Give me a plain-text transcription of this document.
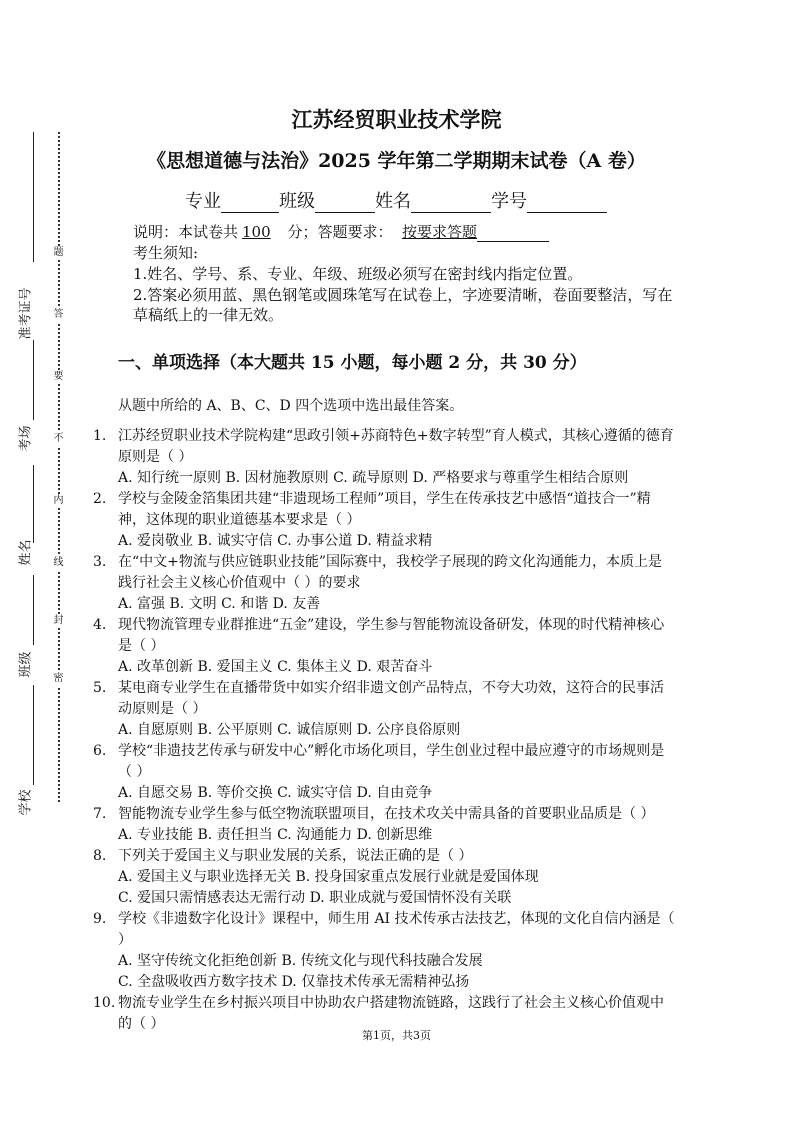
准考证号
考场
姓名
班级
学校
题
答
要
不
内
线
封
密
江苏经贸职业技术学院
《思想道德与法治》2025 学年第二学期期末试卷（A 卷）
专业	班级	姓名	学号
说明：本试卷共 100 分；答题要求： 按要求答题
考生须知:
1.姓名、学号、系、专业、年级、班级必须写在密封线内指定位置。
2.答案必须用蓝、黑色钢笔或圆珠笔写在试卷上，字迹要清晰，卷面要整洁，写在草稿纸上的一律无效。
一、单项选择（本大题共 15 小题，每小题 2 分，共 30 分）
从题中所给的 A、B、C、D 四个选项中选出最佳答案。
1. 江苏经贸职业技术学院构建“思政引领+苏商特色+数字转型”育人模式，其核心遵循的德育原则是（ ）
A. 知行统一原则 B. 因材施教原则 C. 疏导原则 D. 严格要求与尊重学生相结合原则
2. 学校与金陵金箔集团共建“非遗现场工程师”项目，学生在传承技艺中感悟“道技合一”精神，这体现的职业道德基本要求是（ ）
A. 爱岗敬业 B. 诚实守信 C. 办事公道 D. 精益求精
3. 在“中文+物流与供应链职业技能”国际赛中，我校学子展现的跨文化沟通能力，本质上是践行社会主义核心价值观中（ ）的要求
A. 富强 B. 文明 C. 和谐 D. 友善
4. 现代物流管理专业群推进“五金”建设，学生参与智能物流设备研发，体现的时代精神核心是（ ）
A. 改革创新 B. 爱国主义 C. 集体主义 D. 艰苦奋斗
5. 某电商专业学生在直播带货中如实介绍非遗文创产品特点，不夸大功效，这符合的民事活动原则是（ ）
A. 自愿原则 B. 公平原则 C. 诚信原则 D. 公序良俗原则
6. 学校“非遗技艺传承与研发中心”孵化市场化项目，学生创业过程中最应遵守的市场规则是（ ）
A. 自愿交易 B. 等价交换 C. 诚实守信 D. 自由竞争
7. 智能物流专业学生参与低空物流联盟项目，在技术攻关中需具备的首要职业品质是（ ）
A. 专业技能 B. 责任担当 C. 沟通能力 D. 创新思维
8. 下列关于爱国主义与职业发展的关系，说法正确的是（ ）
A. 爱国主义与职业选择无关 B. 投身国家重点发展行业就是爱国体现
C. 爱国只需情感表达无需行动 D. 职业成就与爱国情怀没有关联
9. 学校《非遗数字化设计》课程中，师生用 AI 技术传承古法技艺，体现的文化自信内涵是（ ）
A. 坚守传统文化拒绝创新 B. 传统文化与现代科技融合发展
C. 全盘吸收西方数字技术 D. 仅靠技术传承无需精神弘扬
10. 物流专业学生在乡村振兴项目中协助农户搭建物流链路，这践行了社会主义核心价值观中的（ ）
第1页，共3页
